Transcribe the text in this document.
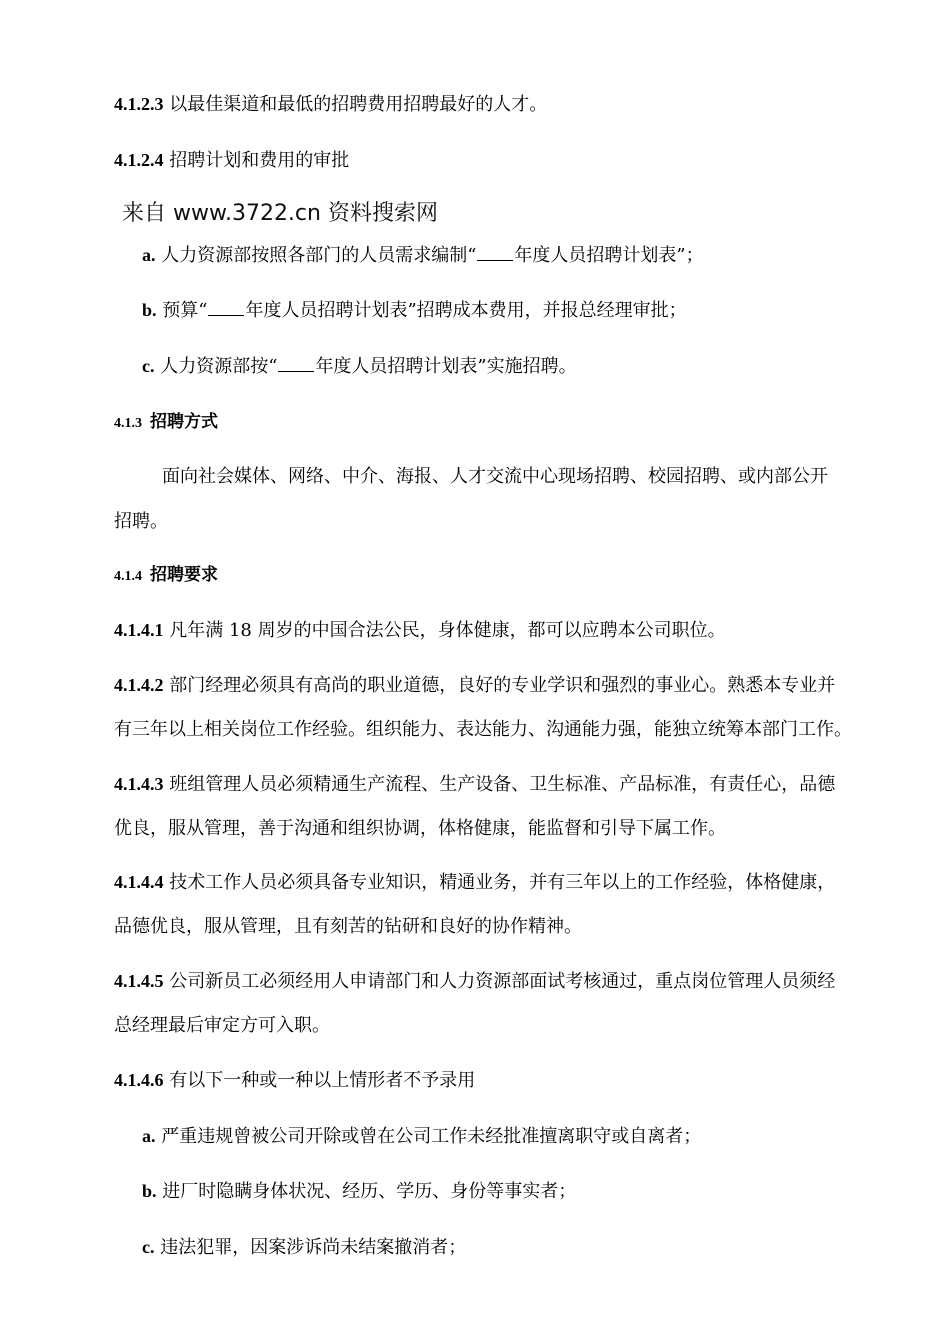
4.1.2.3 以最佳渠道和最低的招聘费用招聘最好的人才。
4.1.2.4 招聘计划和费用的审批
来自 www.3722.cn 资料搜索网
a. 人力资源部按照各部门的人员需求编制“ 年度人员招聘计划表”；
b. 预算“ 年度人员招聘计划表”招聘成本费用，并报总经理审批；
c. 人力资源部按“ 年度人员招聘计划表”实施招聘。
4.1.3 招聘方式
面向社会媒体、网络、中介、海报、人才交流中心现场招聘、校园招聘、或内部公开
招聘。
4.1.4 招聘要求
4.1.4.1 凡年满 18 周岁的中国合法公民，身体健康，都可以应聘本公司职位。
4.1.4.2 部门经理必须具有高尚的职业道德，良好的专业学识和强烈的事业心。熟悉本专业并
有三年以上相关岗位工作经验。组织能力、表达能力、沟通能力强，能独立统筹本部门工作。
4.1.4.3 班组管理人员必须精通生产流程、生产设备、卫生标准、产品标准，有责任心，品德
优良，服从管理，善于沟通和组织协调，体格健康，能监督和引导下属工作。
4.1.4.4 技术工作人员必须具备专业知识，精通业务，并有三年以上的工作经验，体格健康，
品德优良，服从管理，且有刻苦的钻研和良好的协作精神。
4.1.4.5 公司新员工必须经用人申请部门和人力资源部面试考核通过，重点岗位管理人员须经
总经理最后审定方可入职。
4.1.4.6 有以下一种或一种以上情形者不予录用
a. 严重违规曾被公司开除或曾在公司工作未经批准擅离职守或自离者；
b. 进厂时隐瞒身体状况、经历、学历、身份等事实者；
c. 违法犯罪，因案涉诉尚未结案撤消者；
